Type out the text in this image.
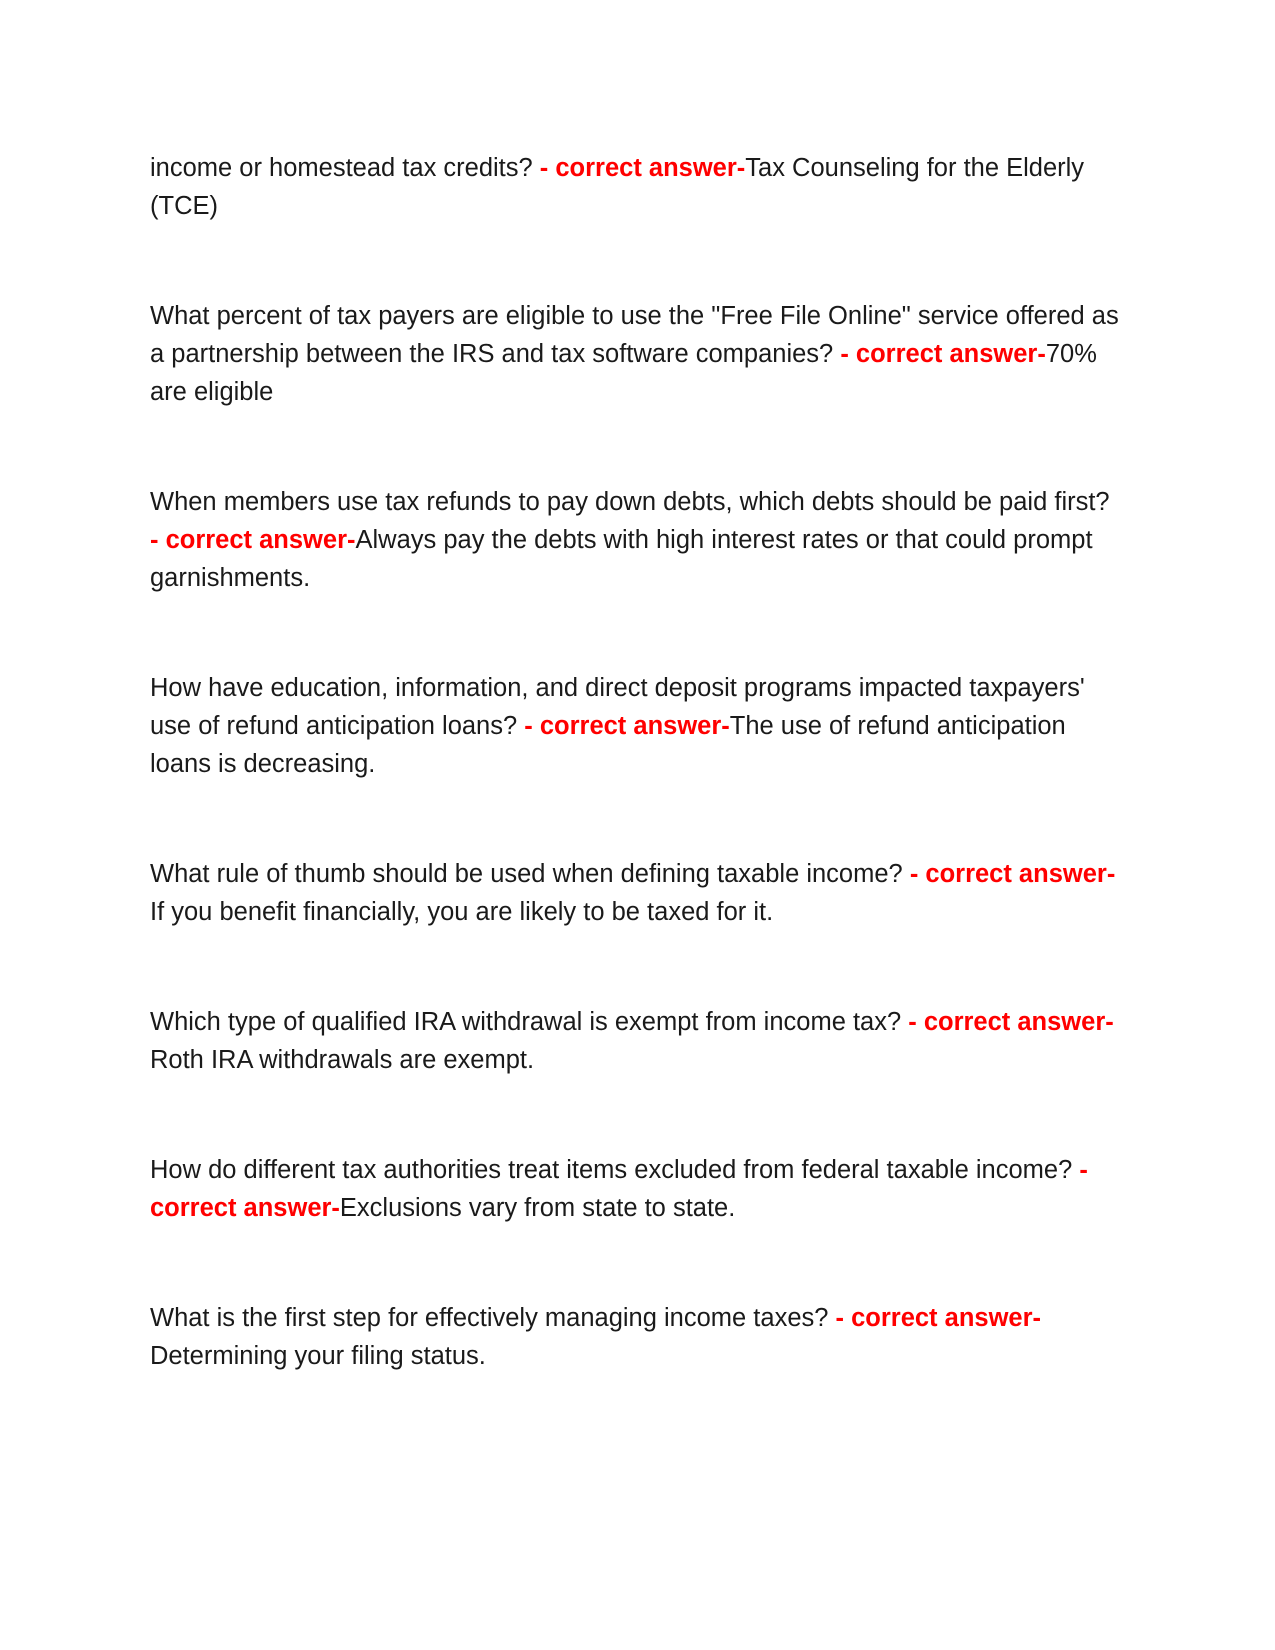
income or homestead tax credits? - correct answer-Tax Counseling for the Elderly (TCE)

What percent of tax payers are eligible to use the "Free File Online" service offered as a partnership between the IRS and tax software companies? - correct answer-70% are eligible

When members use tax refunds to pay down debts, which debts should be paid first? - correct answer-Always pay the debts with high interest rates or that could prompt garnishments.

How have education, information, and direct deposit programs impacted taxpayers' use of refund anticipation loans? - correct answer-The use of refund anticipation loans is decreasing.

What rule of thumb should be used when defining taxable income? - correct answer-If you benefit financially, you are likely to be taxed for it.

Which type of qualified IRA withdrawal is exempt from income tax? - correct answer-Roth IRA withdrawals are exempt.

How do different tax authorities treat items excluded from federal taxable income? - correct answer-Exclusions vary from state to state.

What is the first step for effectively managing income taxes? - correct answer-Determining your filing status.
